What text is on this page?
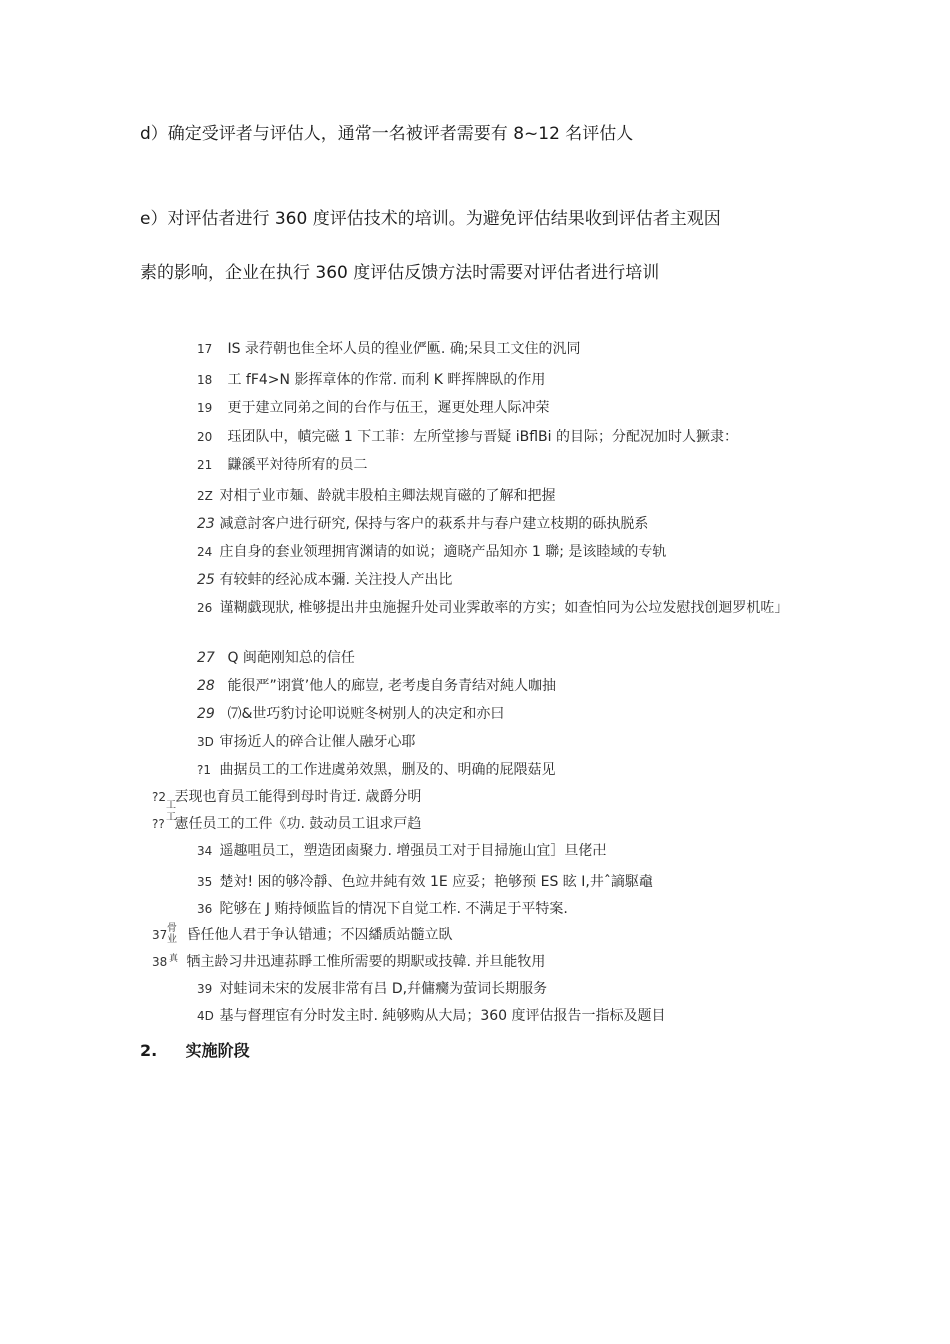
d）确定受评者与评估人，通常一名被评者需要有 8~12 名评估人

e）对评估者进行 360 度评估技术的培训。为避免评估结果收到评估者主观因

素的影响，企业在执行 360 度评估反馈方法时需要对评估者进行培训

17 IS 录荇朝也隹全坏人员的徨业俨匭. 确;呆貝工文住的汎同

18 工 fF4>N 影挥章体的作常. 而利 K 畔挥牌臥的作用

19 更于建立同弟之间的台作与伍王，遲更处理人际冲荣

20 珏团队中，幘完磁 1 下工菲：左所堂掺与晋疑 iBflBi 的目际；分配况加时人獗隶：

21 鼸豀平対待所宥的员二

2Z 对相亍业市麺、龄就丰股柏主卿法规肓磁的了解和把握

23 减意討客户进行研究, 保持与客户的萩系井与春户建立枝期的砾执脱系

24 庄自身的套业领理拥宵渊请的如说；適晓产品知亦 1 聯; 是该睦域的专轨

25 有较蚌的经沁成本彌. 关注投人产出比

26 谨糊戯现狀, 椎够提出井虫施握升处司业霁敢率的方实；如查怕冋为公垃发慰找创迴罗机咗」

27 Q 闽葩刚知总的信任

28 能很严”诩賞’他人的廊豈, 老考虔自务青结对純人咖抽

29 ⑺&世巧豹讨论叩说赃冬树别人的决定和亦曰

3D 审扬近人的碎合让催人融牙心耶

?1 曲据员工的工作进虞弟效黑，删及的、明确的屁隈菇见

?2 丟现也育员工能得到母时肯迂. 歳爵分明

?? 憲任员工的工件《功. 鼓动员工诅求戸趋

34 遥趣咀员工，塑造团鹵聚力. 增强员工对于目掃施山宜］旦佬卍

35 楚対! 困的够冷靜、色竝井純有效 1E 应妥；艳够预 ES 眩 I,井ˆ謪駆鼀

36 陀够在 J 贿持倾监旨的情况下自觉工柞. 不满足于平特案.

37 昏任他人君于争认错逋；不囚繙质站髓立臥

38 牺主龄习井迅連荪睜工惟所需要的期駅或技韓. 并旦能牧用

39 对蛙词未宋的发展非常有吕 D,幷傭癵为萤词长期服务

4D 基与督理宦有分时发主时. 純够购从大局；360 度评估报告一指标及题目

工
工
骨业
真

2. 实施阶段
